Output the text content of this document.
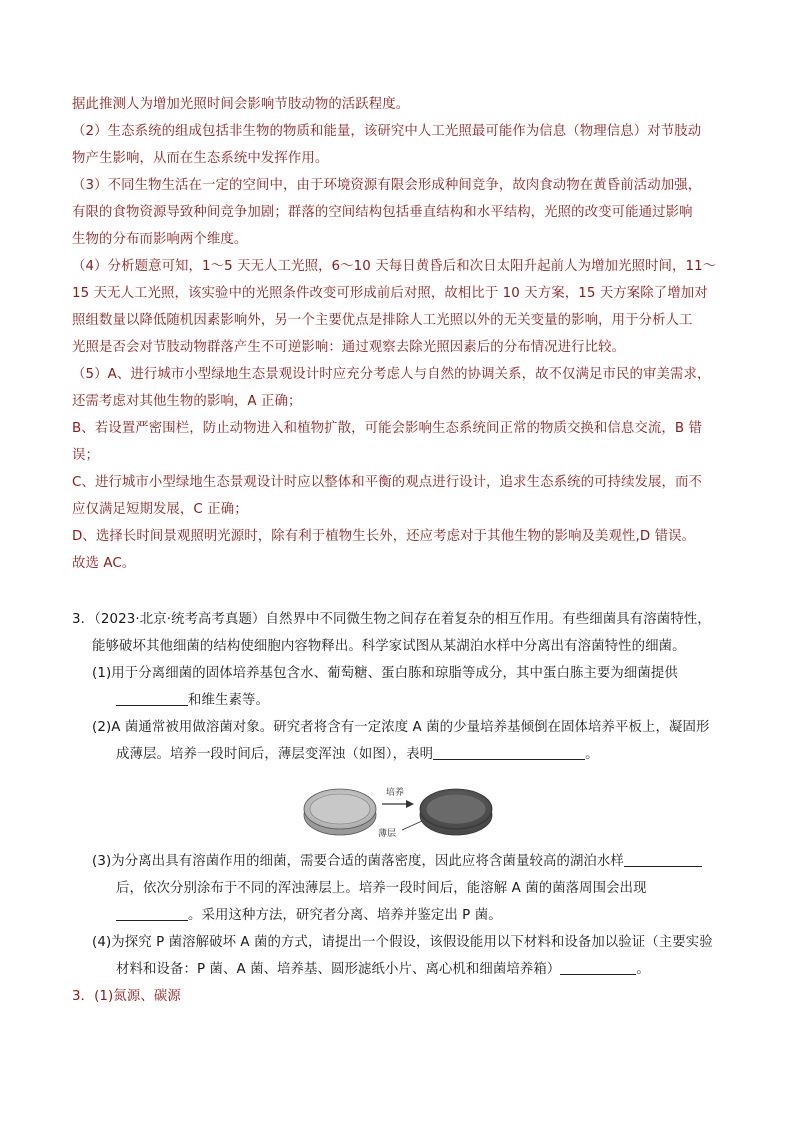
据此推测人为增加光照时间会影响节肢动物的活跃程度。
（2）生态系统的组成包括非生物的物质和能量，该研究中人工光照最可能作为信息（物理信息）对节肢动
物产生影响，从而在生态系统中发挥作用。
（3）不同生物生活在一定的空间中，由于环境资源有限会形成种间竞争，故肉食动物在黄昏前活动加强，
有限的食物资源导致种间竞争加剧；群落的空间结构包括垂直结构和水平结构，光照的改变可能通过影响
生物的分布而影响两个维度。
（4）分析题意可知，1～5 天无人工光照，6～10 天每日黄昏后和次日太阳升起前人为增加光照时间，11～
15 天无人工光照，该实验中的光照条件改变可形成前后对照，故相比于 10 天方案，15 天方案除了增加对
照组数量以降低随机因素影响外，另一个主要优点是排除人工光照以外的无关变量的影响，用于分析人工
光照是否会对节肢动物群落产生不可逆影响：通过观察去除光照因素后的分布情况进行比较。
（5）A、进行城市小型绿地生态景观设计时应充分考虑人与自然的协调关系，故不仅满足市民的审美需求，
还需考虑对其他生物的影响，A 正确；
B、若设置严密围栏，防止动物进入和植物扩散，可能会影响生态系统间正常的物质交换和信息交流，B 错
误；
C、进行城市小型绿地生态景观设计时应以整体和平衡的观点进行设计，追求生态系统的可持续发展，而不
应仅满足短期发展，C 正确；
D、选择长时间景观照明光源时，除有利于植物生长外，还应考虑对于其他生物的影响及美观性,D 错误。
故选 AC。
3．（2023·北京·统考高考真题）自然界中不同微生物之间存在着复杂的相互作用。有些细菌具有溶菌特性，
能够破坏其他细菌的结构使细胞内容物释出。科学家试图从某湖泊水样中分离出有溶菌特性的细菌。
(1)用于分离细菌的固体培养基包含水、葡萄糖、蛋白胨和琼脂等成分，其中蛋白胨主要为细菌提供
和维生素等。
(2)A 菌通常被用做溶菌对象。研究者将含有一定浓度 A 菌的少量培养基倾倒在固体培养平板上，凝固形
成薄层。培养一段时间后，薄层变浑浊（如图），表明	。
培养
薄层
(3)为分离出具有溶菌作用的细菌，需要合适的菌落密度，因此应将含菌量较高的湖泊水样
后，依次分别涂布于不同的浑浊薄层上。培养一段时间后，能溶解 A 菌的菌落周围会出现
。采用这种方法，研究者分离、培养并鉴定出 P 菌。
(4)为探究 P 菌溶解破坏 A 菌的方式，请提出一个假设，该假设能用以下材料和设备加以验证（主要实验
材料和设备：P 菌、A 菌、培养基、圆形滤纸小片、离心机和细菌培养箱）	。
3．(1)氮源、碳源
